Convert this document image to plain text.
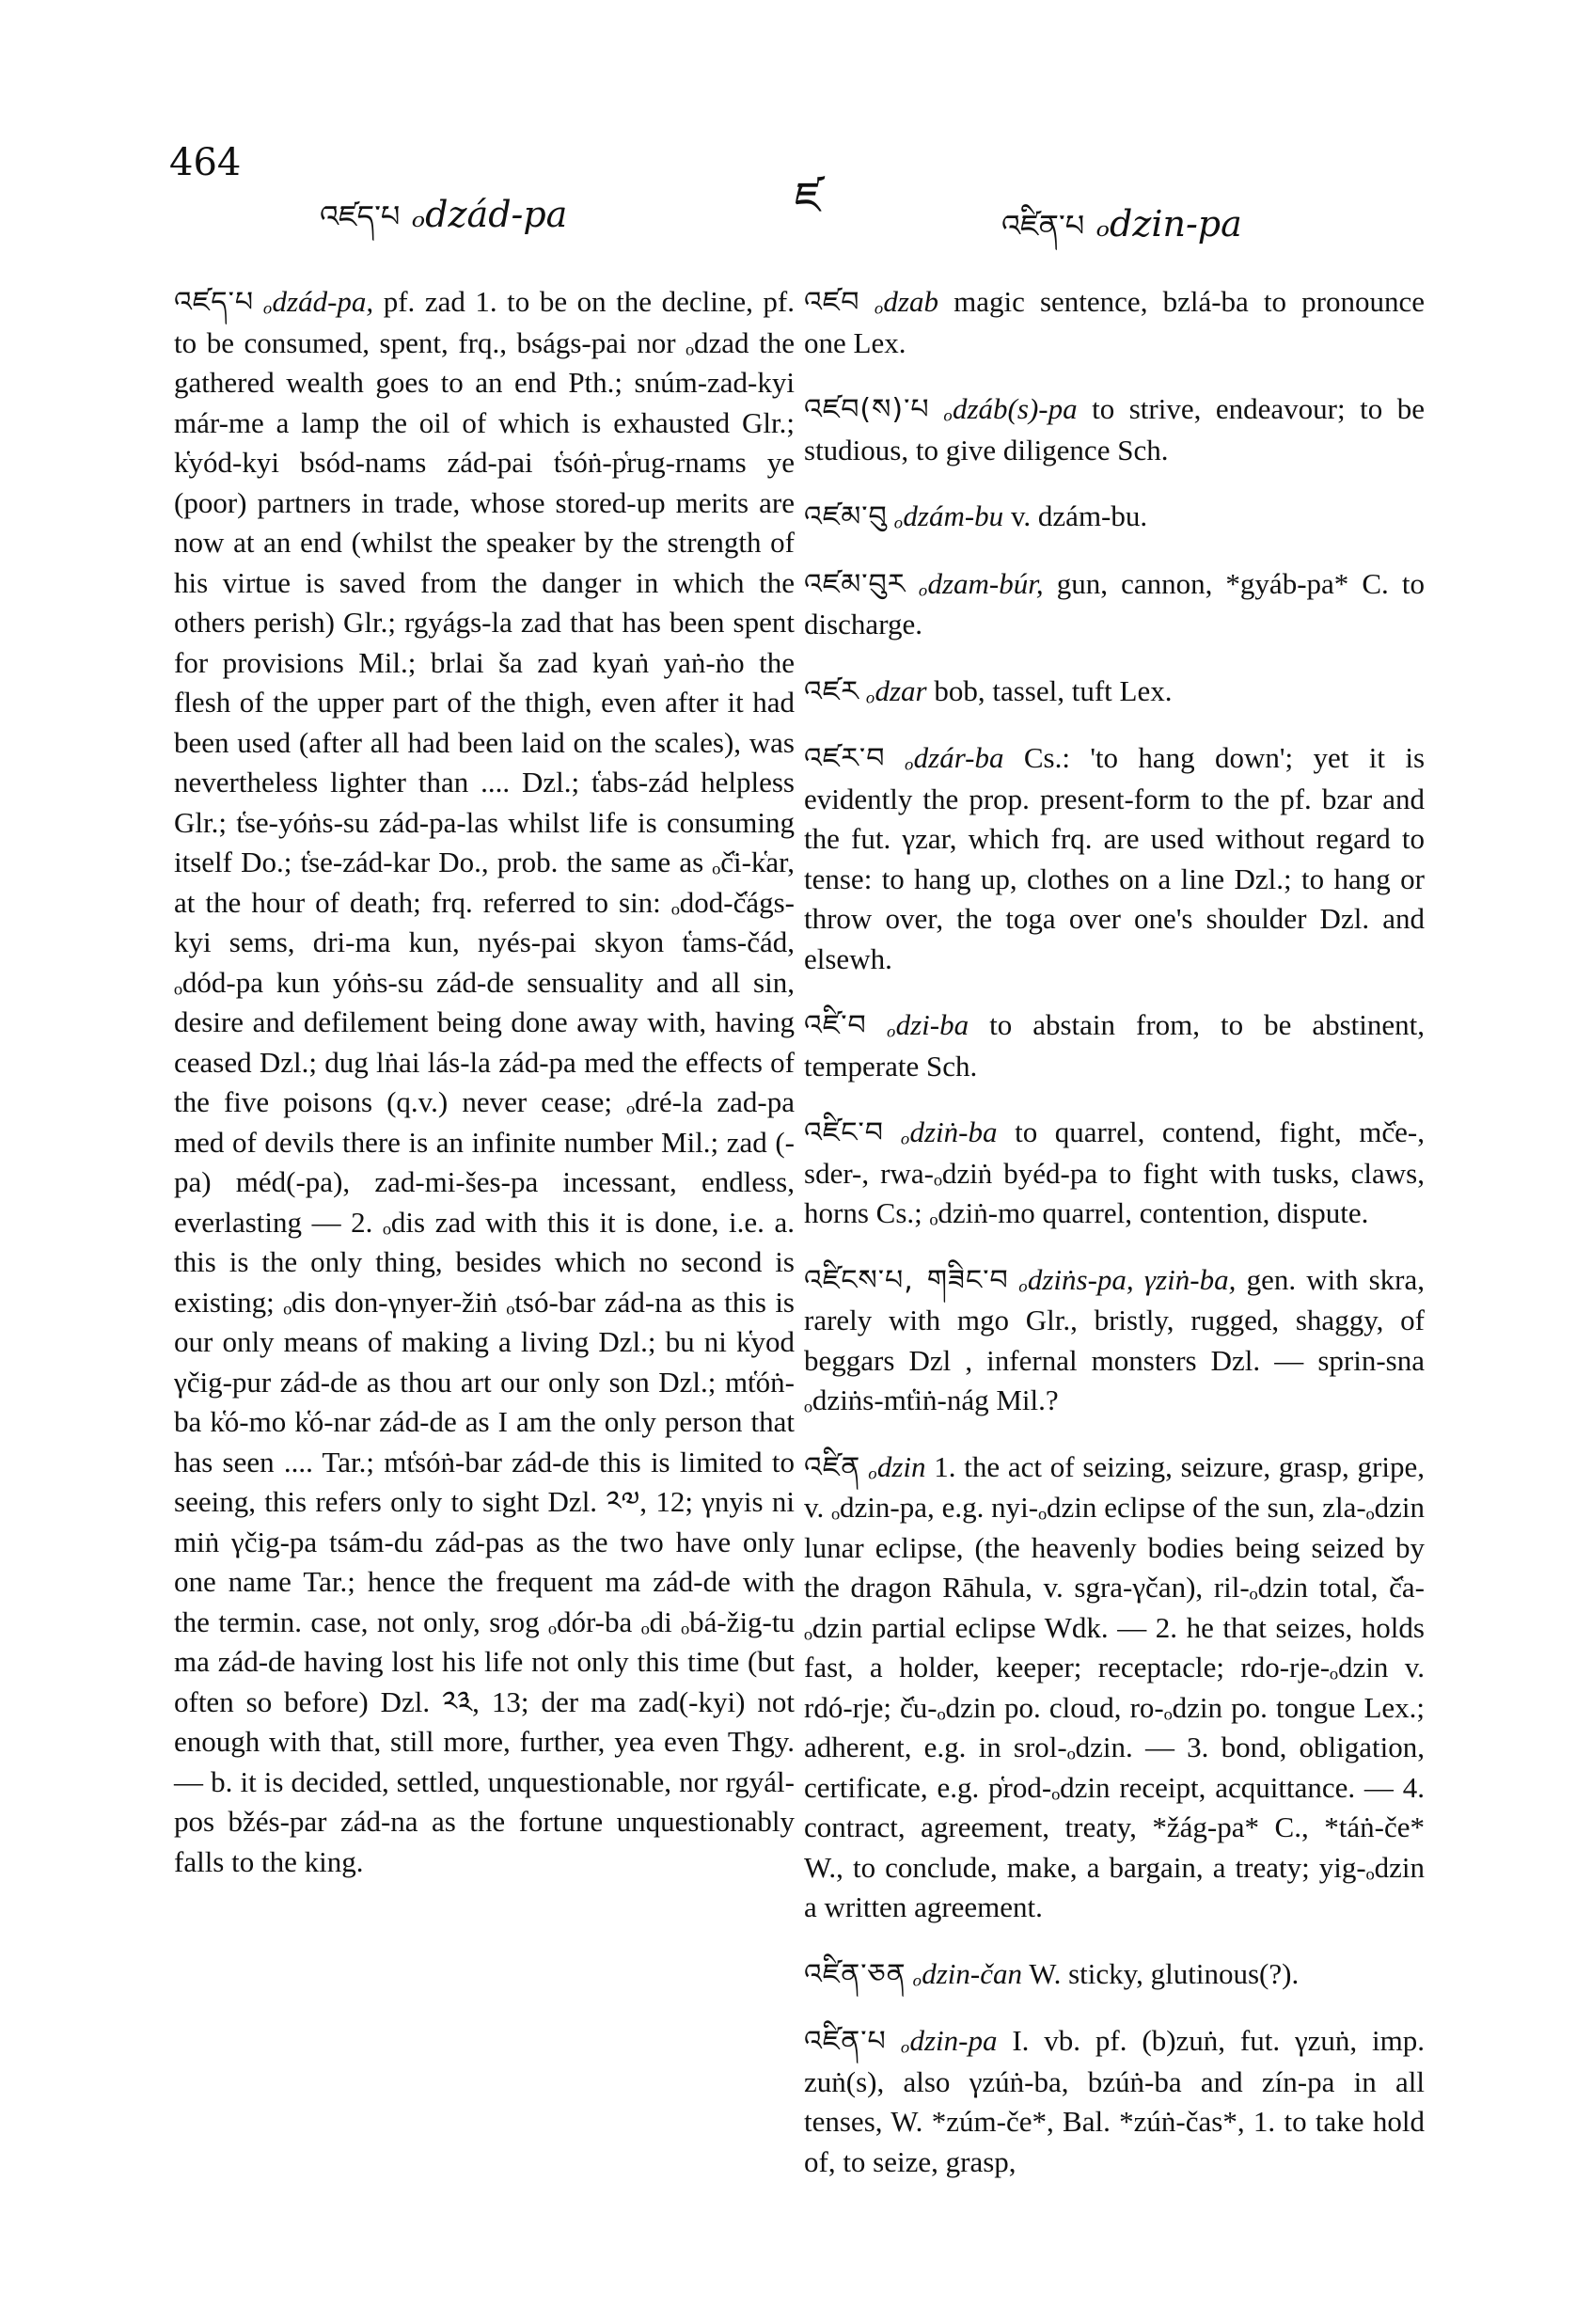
464
འཛད་པ ₒdzád-pa	ཛ
འཛིན་པ ₒdzin-pa

འཛད་པ ₒdzád-pa, pf. zad 1. to be on the decline, pf. to be consumed, spent, frq., bságs-pai nor ₒdzad the gathered wealth goes to an end Pth.; snúm-zad-kyi már-me a lamp the oil of which is exhausted Glr.; k̔yód-kyi bsód-nams zád-pai t̔sóṅ-p̔rug-rnams ye (poor) partners in trade, whose stored-up merits are now at an end (whilst the speaker by the strength of his virtue is saved from the danger in which the others perish) Glr.; rgyágs-la zad that has been spent for provisions Mil.; brlai ša zad kyaṅ yaṅ-ṅo the flesh of the upper part of the thigh, even after it had been used (after all had been laid on the scales), was nevertheless lighter than .... Dzl.; t̔abs-zád helpless Glr.; t̔se-yóṅs-su zád-pa-las whilst life is consuming itself Do.; t̔se-zád-kar Do., prob. the same as ₒč̔i-k̔ar, at the hour of death; frq. referred to sin: ₒdod-č̔ágs-kyi sems, dri-ma kun, nyés-pai skyon t̔ams-čád, ₒdód-pa kun yóṅs-su zád-de sensuality and all sin, desire and defilement being done away with, having ceased Dzl.; dug lṅai lás-la zád-pa med the effects of the five poisons (q.v.) never cease; ₒdré-la zad-pa med of devils there is an infinite number Mil.; zad (-pa) méd(-pa), zad-mi-šes-pa incessant, endless, everlasting — 2. ₒdis zad with this it is done, i.e. a. this is the only thing, besides which no second is existing; ₒdis don-γnyer-žiṅ ₒtsó-bar zád-na as this is our only means of making a living Dzl.; bu ni k̔yod γčig-pur zád-de as thou art our only son Dzl.; mt̔óṅ-ba k̔ó-mo k̔ó-nar zád-de as I am the only person that has seen .... Tar.; mt̔sóṅ-bar zád-de this is limited to seeing, this refers only to sight Dzl. ༢༧, 12; γnyis ni miṅ γčig-pa tsám-du zád-pas as the two have only one name Tar.; hence the frequent ma zád-de with the termin. case, not only, srog ₒdór-ba ₒdi ₒbá-žig-tu ma zád-de having lost his life not only this time (but often so before) Dzl. ༢༣, 13; der ma zad(-kyi) not enough with that, still more, further, yea even Thgy. — b. it is decided, settled, unquestionable, nor rgyál-pos bžés-par zád-na as the fortune unquestionably falls to the king.

འཛབ ₒdzab magic sentence, bzlá-ba to pronounce one Lex.

འཛབ(ས)་པ ₒdzáb(s)-pa to strive, endeavour; to be studious, to give diligence Sch.

འཛམ་བུ ₒdzám-bu v. dzám-bu.

འཛམ་བུར ₒdzam-búr, gun, cannon, *gyáb-pa* C. to discharge.

འཛར ₒdzar bob, tassel, tuft Lex.

འཛར་བ ₒdzár-ba Cs.: 'to hang down'; yet it is evidently the prop. present-form to the pf. bzar and the fut. γzar, which frq. are used without regard to tense: to hang up, clothes on a line Dzl.; to hang or throw over, the toga over one's shoulder Dzl. and elsewh.

འཛི་བ ₒdzi-ba to abstain from, to be abstinent, temperate Sch.

འཛིང་བ ₒdziṅ-ba to quarrel, contend, fight, mč̔e-, sder-, rwa-ₒdziṅ byéd-pa to fight with tusks, claws, horns Cs.; ₒdziṅ-mo quarrel, contention, dispute.

འཛིངས་པ, གཟིང་བ ₒdziṅs-pa, γziṅ-ba, gen. with skra, rarely with mgo Glr., bristly, rugged, shaggy, of beggars Dzl , infernal monsters Dzl. — sprin-sna ₒdziṅs-mt̔iṅ-nág Mil.?

འཛིན ₒdzin 1. the act of seizing, seizure, grasp, gripe, v. ₒdzin-pa, e.g. nyi-ₒdzin eclipse of the sun, zla-ₒdzin lunar eclipse, (the heavenly bodies being seized by the dragon Rāhula, v. sgra-γčan), ril-ₒdzin total, č̔a-ₒdzin partial eclipse Wdk. — 2. he that seizes, holds fast, a holder, keeper; receptacle; rdo-rje-ₒdzin v. rdó-rje; č̔u-ₒdzin po. cloud, ro-ₒdzin po. tongue Lex.; adherent, e.g. in srol-ₒdzin. — 3. bond, obligation, certificate, e.g. p̔rod-ₒdzin receipt, acquittance. — 4. contract, agreement, treaty, *žág-pa* C., *táṅ-če* W., to conclude, make, a bargain, a treaty; yig-ₒdzin a written agreement.

འཛིན་ཅན ₒdzin-čan W. sticky, glutinous(?).

འཛིན་པ ₒdzin-pa I. vb. pf. (b)zuṅ, fut. γzuṅ, imp. zuṅ(s), also γzúṅ-ba, bzúṅ-ba and zín-pa in all tenses, W. *zúm-če*, Bal. *zúṅ-čas*, 1. to take hold of, to seize, grasp,
